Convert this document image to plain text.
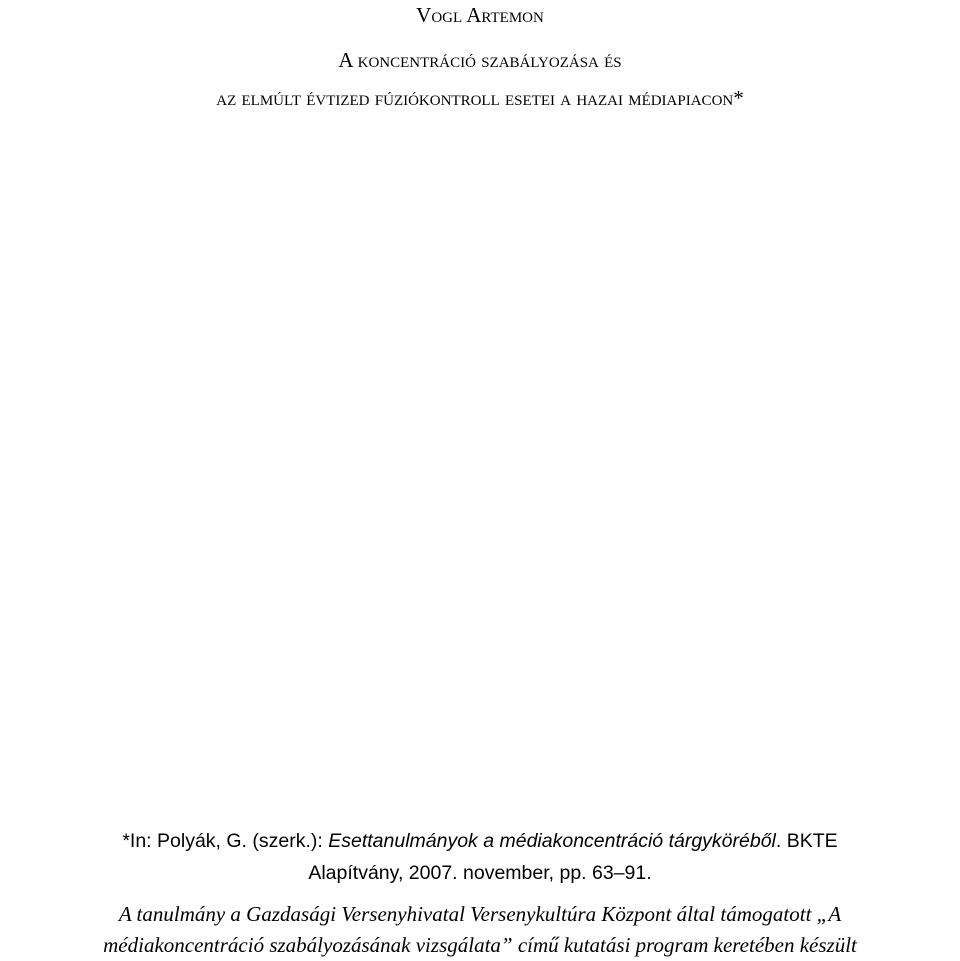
Vogl Artemon
A koncentráció szabályozása és
az elmúlt évtized fúziókontroll esetei a hazai médiapiacon*
*In: Polyák, G. (szerk.): Esettanulmányok a médiakoncentráció tárgyköréből. BKTE
Alapítvány, 2007. november, pp. 63–91.
A tanulmány a Gazdasági Versenyhivatal Versenykultúra Központ által támogatott „A
médiakoncentráció szabályozásának vizsgálata” című kutatási program keretében készült
